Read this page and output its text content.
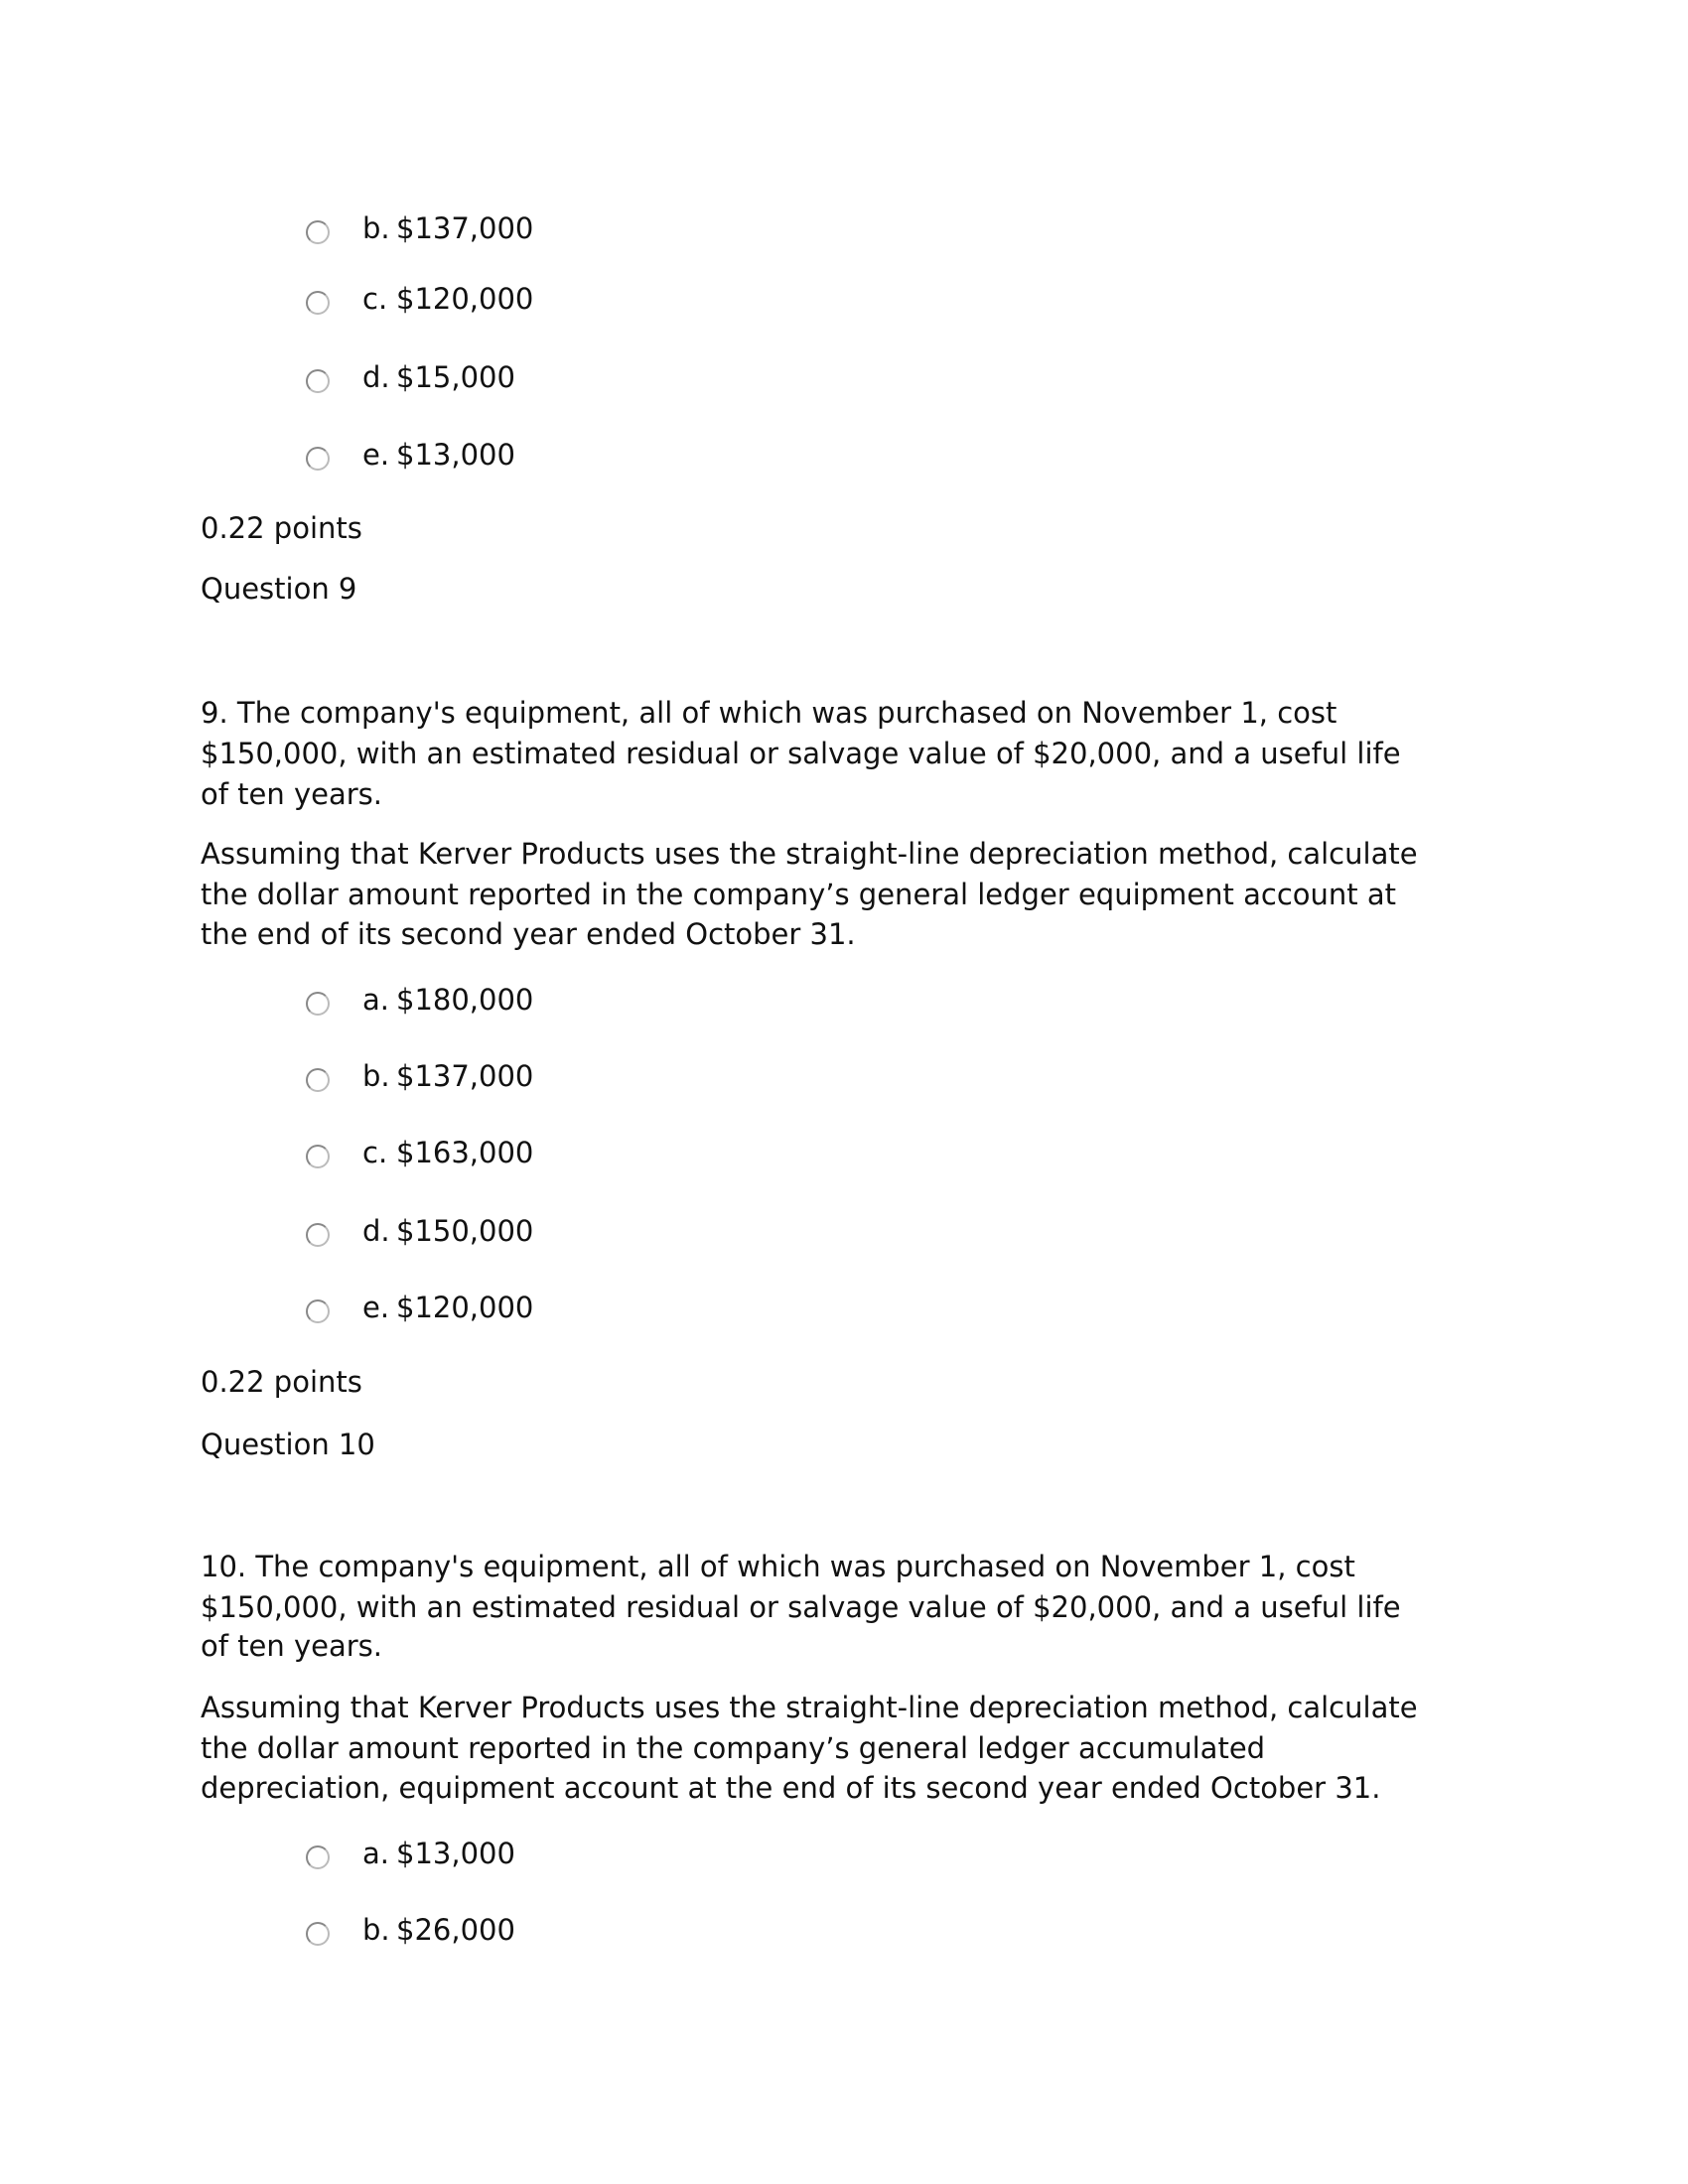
b. $137,000
c. $120,000
d. $15,000
e. $13,000
0.22 points
Question 9
9. The company's equipment, all of which was purchased on November 1, cost
$150,000, with an estimated residual or salvage value of $20,000, and a useful life
of ten years.
Assuming that Kerver Products uses the straight-line depreciation method, calculate
the dollar amount reported in the company’s general ledger equipment account at
the end of its second year ended October 31.
a. $180,000
b. $137,000
c. $163,000
d. $150,000
e. $120,000
0.22 points
Question 10
10. The company's equipment, all of which was purchased on November 1, cost
$150,000, with an estimated residual or salvage value of $20,000, and a useful life
of ten years.
Assuming that Kerver Products uses the straight-line depreciation method, calculate
the dollar amount reported in the company’s general ledger accumulated
depreciation, equipment account at the end of its second year ended October 31.
a. $13,000
b. $26,000
